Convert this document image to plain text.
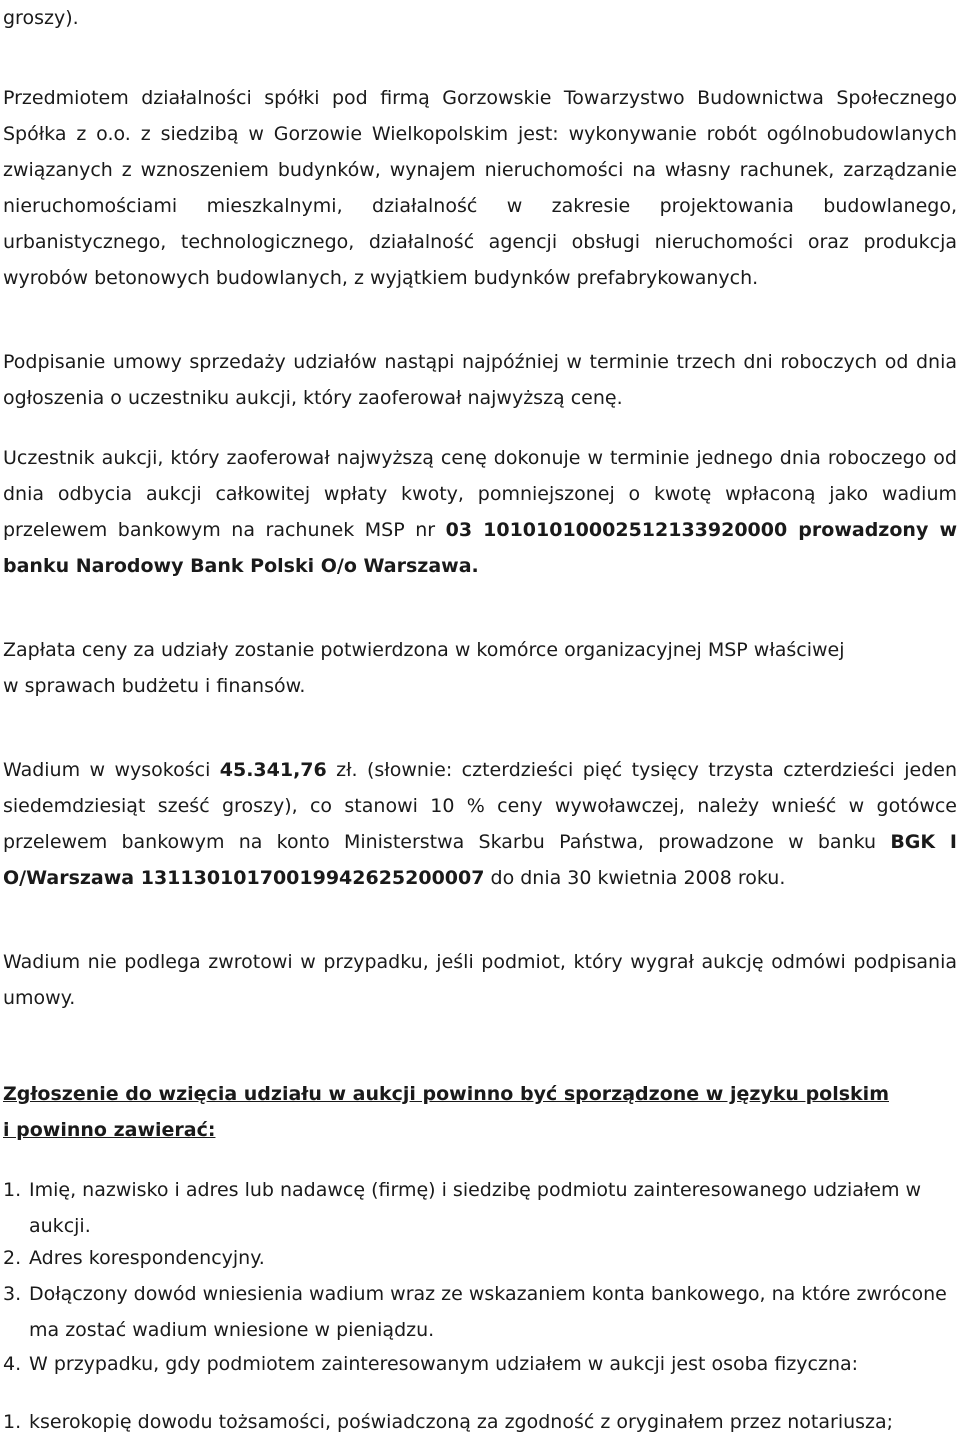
groszy).
Przedmiotem działalności spółki pod firmą Gorzowskie Towarzystwo Budownictwa Społecznego
Spółka z o.o. z siedzibą w Gorzowie Wielkopolskim jest: wykonywanie robót ogólnobudowlanych
związanych z wznoszeniem budynków, wynajem nieruchomości na własny rachunek, zarządzanie
nieruchomościami mieszkalnymi, działalność w zakresie projektowania budowlanego,
urbanistycznego, technologicznego, działalność agencji obsługi nieruchomości oraz produkcja
wyrobów betonowych budowlanych, z wyjątkiem budynków prefabrykowanych.
Podpisanie umowy sprzedaży udziałów nastąpi najpóźniej w terminie trzech dni roboczych od dnia
ogłoszenia o uczestniku aukcji, który zaoferował najwyższą cenę.
Uczestnik aukcji, który zaoferował najwyższą cenę dokonuje w terminie jednego dnia roboczego od
dnia odbycia aukcji całkowitej wpłaty kwoty, pomniejszonej o kwotę wpłaconą jako wadium
przelewem bankowym na rachunek MSP nr 03 10101010002512133920000 prowadzony w
banku Narodowy Bank Polski O/o Warszawa.
Zapłata ceny za udziały zostanie potwierdzona w komórce organizacyjnej MSP właściwej
w sprawach budżetu i finansów.
Wadium w wysokości 45.341,76 zł. (słownie: czterdzieści pięć tysięcy trzysta czterdzieści jeden
siedemdziesiąt sześć groszy), co stanowi 10 % ceny wywoławczej, należy wnieść w gotówce
przelewem bankowym na konto Ministerstwa Skarbu Państwa, prowadzone w banku BGK I
O/Warszawa 13113010170019942625200007 do dnia 30 kwietnia 2008 roku.
Wadium nie podlega zwrotowi w przypadku, jeśli podmiot, który wygrał aukcję odmówi podpisania
umowy.
Zgłoszenie do wzięcia udziału w aukcji powinno być sporządzone w języku polskim
i powinno zawierać:
1. Imię, nazwisko i adres lub nadawcę (firmę) i siedzibę podmiotu zainteresowanego udziałem w
aukcji.
2. Adres korespondencyjny.
3. Dołączony dowód wniesienia wadium wraz ze wskazaniem konta bankowego, na które zwrócone
ma zostać wadium wniesione w pieniądzu.
4. W przypadku, gdy podmiotem zainteresowanym udziałem w aukcji jest osoba fizyczna:
1. kserokopię dowodu tożsamości, poświadczoną za zgodność z oryginałem przez notariusza;
